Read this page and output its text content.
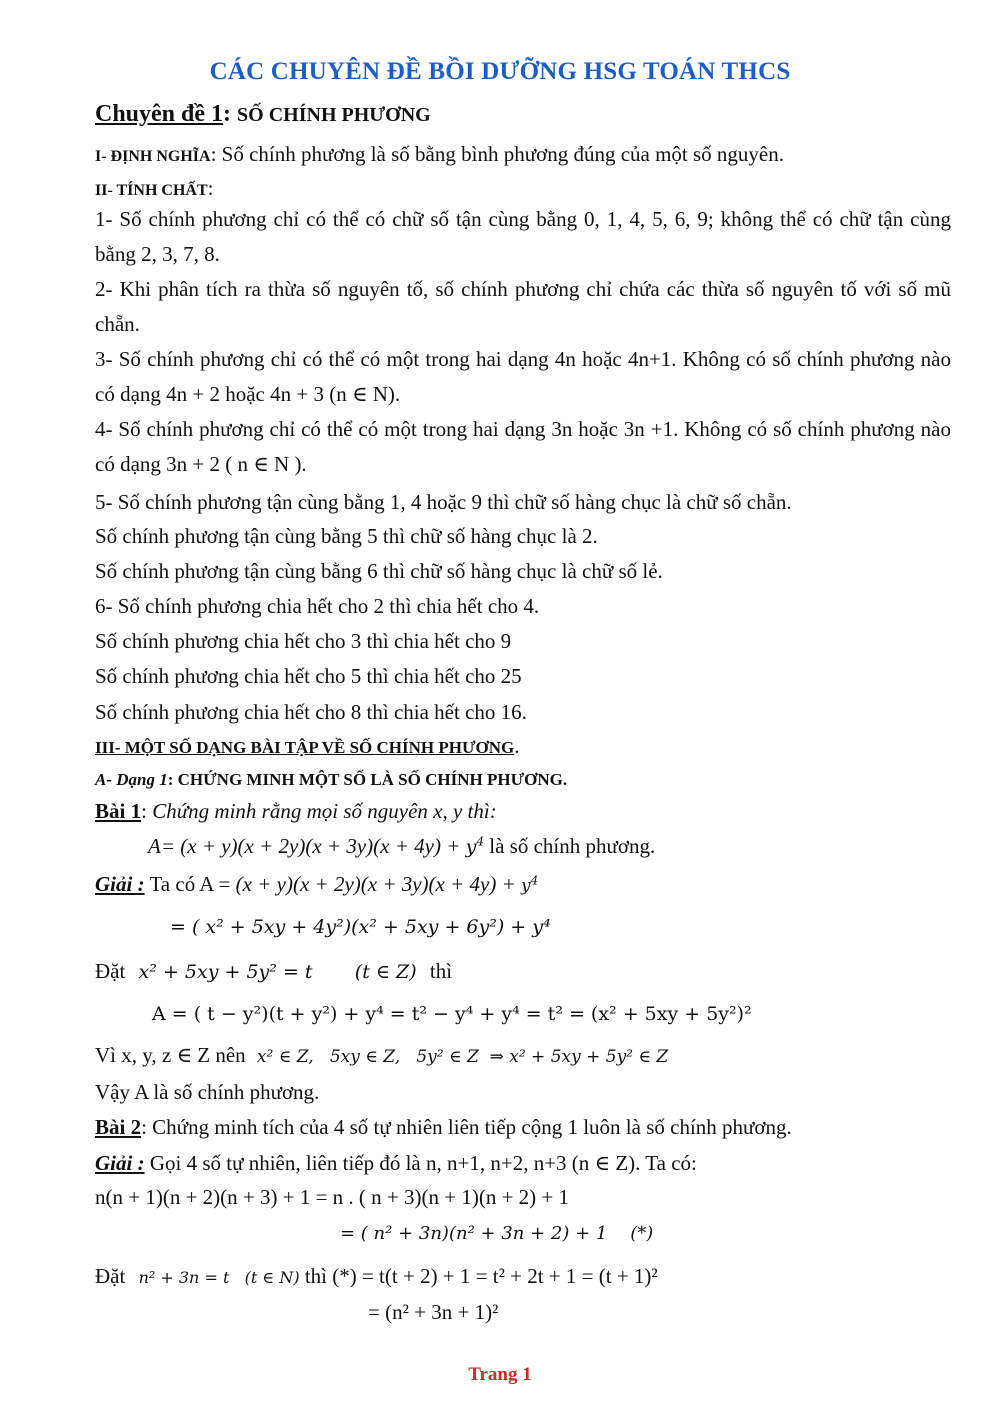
CÁC CHUYÊN ĐỀ BỒI DƯỠNG HSG TOÁN THCS
Chuyên đề 1: SỐ CHÍNH PHƯƠNG
I- ĐỊNH NGHĨA: Số chính phương là số bằng bình phương đúng của một số nguyên.
II- TÍNH CHẤT:
1- Số chính phương chỉ có thể có chữ số tận cùng bằng 0, 1, 4, 5, 6, 9; không thể có chữ tận cùng bằng 2, 3, 7, 8.
2- Khi phân tích ra thừa số nguyên tố, số chính phương chỉ chứa các thừa số nguyên tố với số mũ chẵn.
3- Số chính phương chỉ có thể có một trong hai dạng 4n hoặc 4n+1. Không có số chính phương nào có dạng 4n + 2 hoặc 4n + 3 (n ∈ N).
4- Số chính phương chỉ có thể có một trong hai dạng 3n hoặc 3n +1. Không có số chính phương nào có dạng 3n + 2 ( n ∈ N ).
5- Số chính phương tận cùng bằng 1, 4 hoặc 9 thì chữ số hàng chục là chữ số chẵn.
Số chính phương tận cùng bằng 5 thì chữ số hàng chục là 2.
Số chính phương tận cùng bằng 6 thì chữ số hàng chục là chữ số lẻ.
6- Số chính phương chia hết cho 2 thì chia hết cho 4.
Số chính phương chia hết cho 3 thì chia hết cho 9
Số chính phương chia hết cho 5 thì chia hết cho 25
Số chính phương chia hết cho 8 thì chia hết cho 16.
III- MỘT SỐ DẠNG BÀI TẬP VỀ SỐ CHÍNH PHƯƠNG.
A- Dạng 1: CHỨNG MINH MỘT SỐ LÀ SỐ CHÍNH PHƯƠNG.
Bài 1: Chứng minh rằng mọi số nguyên x, y thì:
$A= (x + y)(x + 2y)(x + 3y)(x + 4y) + y^4$ là số chính phương.
Giải : Ta có $A = (x + y)(x + 2y)(x + 3y)(x + 4y) + y^4$
= ( x² + 5xy + 4y²)(x² + 5xy + 6y²) + y⁴
Đặt x² + 5xy + 5y² = t       (t ∈ Z) thì
A = ( t − y²)(t + y²) + y⁴ = t² − y⁴ + y⁴ = t² = (x² + 5xy + 5y²)²
Vì x, y, z ∈ Z nên x² ∈ Z,   5xy ∈ Z,   5y² ∈ Z  ⇒ x² + 5xy + 5y² ∈ Z
Vậy A là số chính phương.
Bài 2: Chứng minh tích của 4 số tự nhiên liên tiếp cộng 1 luôn là số chính phương.
Giải : Gọi 4 số tự nhiên, liên tiếp đó là n, n+1, n+2, n+3 (n ∈ Z). Ta có:
n(n + 1)(n + 2)(n + 3) + 1 = n . ( n + 3)(n + 1)(n + 2) + 1
= ( n² + 3n)(n² + 3n + 2) + 1    (*)
Đặt n² + 3n = t   (t ∈ N) thì (*) = t(t + 2) + 1 = t² + 2t + 1 = (t + 1)²
= (n² + 3n + 1)²
Trang 1
